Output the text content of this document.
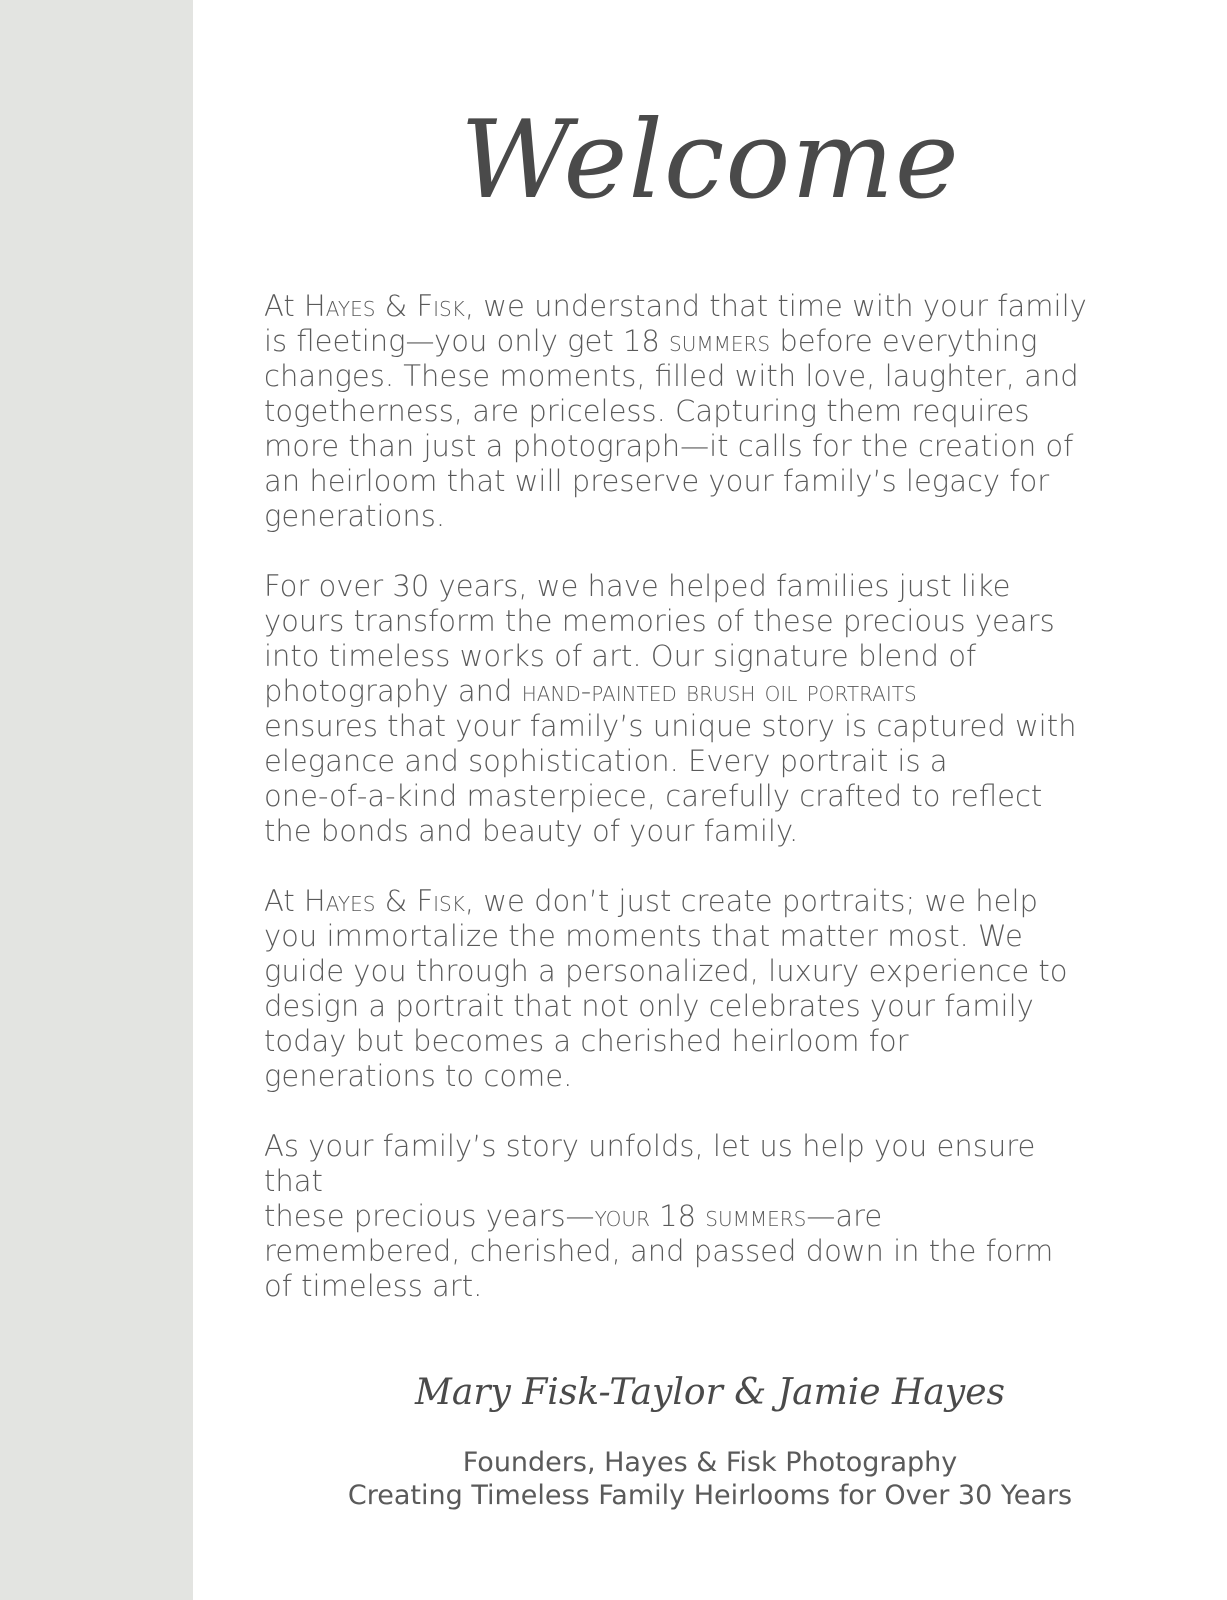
Welcome

At Hayes & Fisk, we understand that time with your family
is fleeting—you only get 18 summers before everything
changes. These moments, filled with love, laughter, and
togetherness, are priceless. Capturing them requires
more than just a photograph—it calls for the creation of
an heirloom that will preserve your family’s legacy for
generations.

For over 30 years, we have helped families just like
yours transform the memories of these precious years
into timeless works of art. Our signature blend of
photography and hand-painted brush oil portraits
ensures that your family’s unique story is captured with
elegance and sophistication. Every portrait is a
one-of-a-kind masterpiece, carefully crafted to reflect
the bonds and beauty of your family.

At Hayes & Fisk, we don’t just create portraits; we help
you immortalize the moments that matter most. We
guide you through a personalized, luxury experience to
design a portrait that not only celebrates your family
today but becomes a cherished heirloom for
generations to come.

As your family’s story unfolds, let us help you ensure that
these precious years—your 18 summers—are
remembered, cherished, and passed down in the form
of timeless art.

Mary Fisk-Taylor & Jamie Hayes
Founders, Hayes & Fisk Photography
Creating Timeless Family Heirlooms for Over 30 Years
